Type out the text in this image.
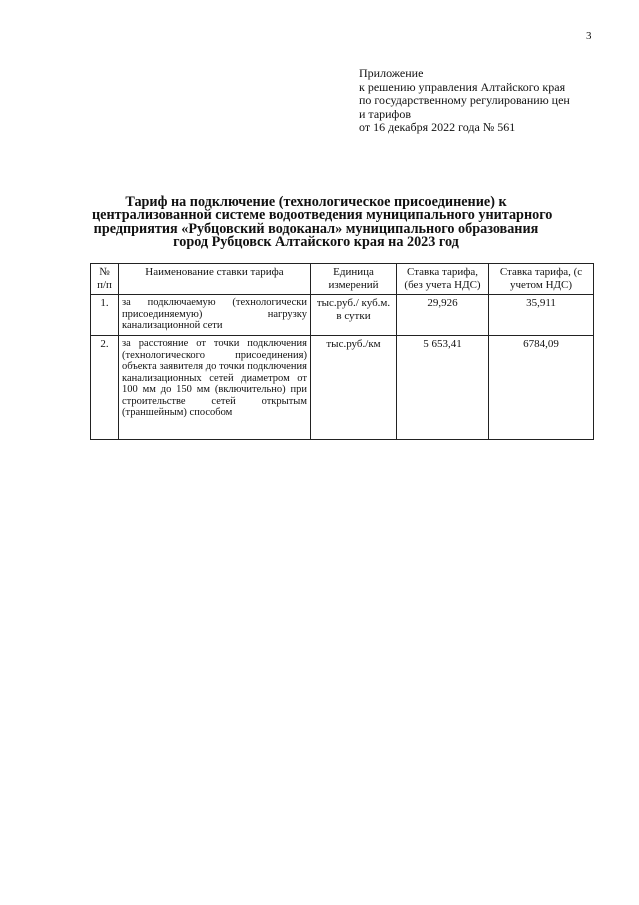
3
Приложение
к решению управления Алтайского края
по государственному регулированию цен
и тарифов
от 16 декабря 2022 года № 561
Тариф на подключение (технологическое присоединение) к
централизованной системе водоотведения муниципального унитарного
предприятия «Рубцовский водоканал» муниципального образования
город Рубцовск Алтайского края на 2023 год
№ п/п	Наименование ставки тарифа	Единица измерений	Ставка тарифа, (без учета НДС)	Ставка тарифа, (с учетом НДС)
1.	за подключаемую (технологически присоединяемую) нагрузку канализационной сети	тыс.руб./ куб.м. в сутки	29,926	35,911
2.	за расстояние от точки подключения (технологического присоединения) объекта заявителя до точки подключения канализационных сетей диаметром от 100 мм до 150 мм (включительно) при строительстве сетей открытым (траншейным) способом	тыс.руб./км	5 653,41	6784,09
